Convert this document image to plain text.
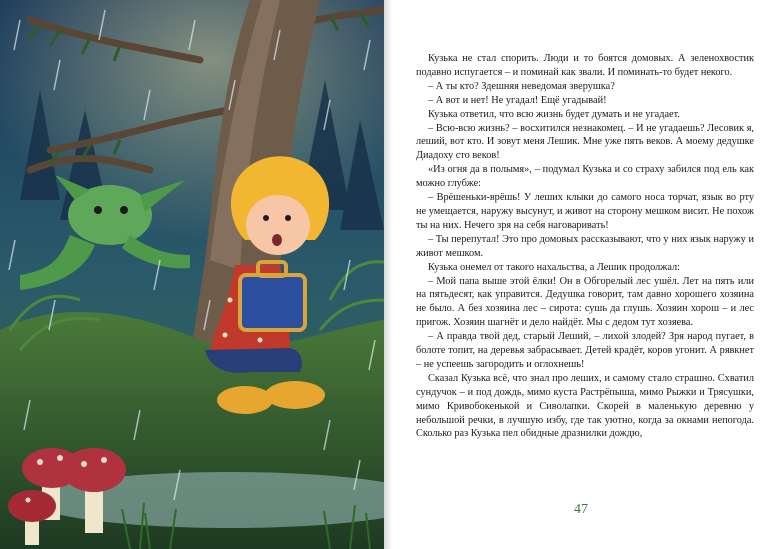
Кузька не стал спорить. Люди и то боятся домовых. А зеленохвостик подавно испугается – и поминай как звали. И поминать-то будет некого.

– А ты кто? Здешняя неведомая зверушка?

– А вот и нет! Не угадал! Ещё угадывай!

Кузька ответил, что всю жизнь будет думать и не угадает.

– Всю-всю жизнь? – восхитился незнакомец. – И не угадаешь? Лесовик я, леший, вот кто. И зовут меня Лешик. Мне уже пять веков. А моему дедушке Диадоху сто веков!

«Из огня да в полымя», – подумал Кузька и со страху забился под ель как можно глубже:

– Врёшеньки-врёшь! У леших клыки до самого носа торчат, язык во рту не умещается, наружу высунут, и живот на сторону мешком висит. Не похож ты на них. Нечего зря на себя наговаривать!

– Ты перепутал! Это про домовых рассказывают, что у них язык наружу и живот мешком.

Кузька онемел от такого нахальства, а Лешик продолжал:

– Мой папа выше этой ёлки! Он в Обгорелый лес ушёл. Лет на пять или на пятьдесят, как управится. Дедушка говорит, там давно хорошего хозяина не было. А без хозяина лес – сирота: сушь да глушь. Хозяин хорош – и лес пригож. Хозяин шагнёт и дело найдёт. Мы с дедом тут хозяева.

– А правда твой дед, старый Леший, – лихой злодей? Зря народ пугает, в болоте топит, на деревья забрасывает. Детей крадёт, коров угонит. А рявкнет – не успеешь загородить и оглохнешь!

Сказал Кузька всё, что знал про леших, и самому стало страшно. Схватил сундучок – и под дождь, мимо куста Растрёпыша, мимо Рыжки и Трясушки, мимо Кривобокенькой и Сиволапки. Скорей в маленькую деревню у небольшой речки, в лучшую избу, где так уютно, когда за окнами непогода. Сколько раз Кузька пел обидные дразнилки дождю,

47
